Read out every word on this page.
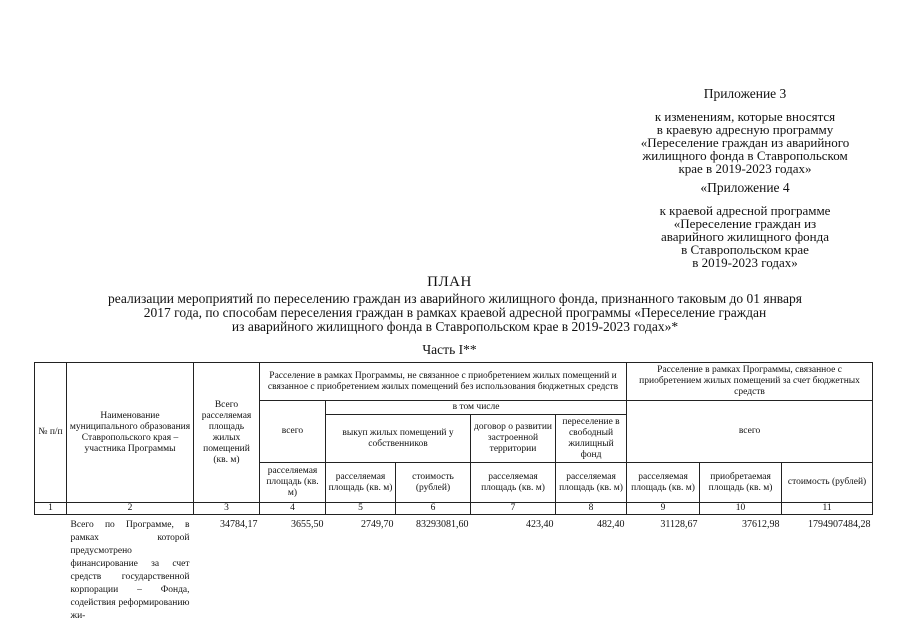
Приложение 3
к изменениям, которые вносятся
в краевую адресную программу
«Переселение граждан из аварийного
жилищного фонда в Ставропольском
крае в 2019-2023 годах»
«Приложение 4
к краевой адресной программе
«Переселение граждан из
аварийного жилищного фонда
в Ставропольском крае
в 2019-2023 годах»
ПЛАН
реализации мероприятий по переселению граждан из аварийного жилищного фонда, признанного таковым до 01 января
2017 года, по способам переселения граждан в рамках краевой адресной программы «Переселение граждан
из аварийного жилищного фонда в Ставропольском крае в 2019-2023 годах»*
Часть I**
№ п/п	Наименование муниципального образования Ставропольского края – участника Программы	Всего расселяемая площадь жилых помещений (кв. м)	Расселение в рамках Программы, не связанное с приобретением жилых помещений и связанное с приобретением жилых помещений без использования бюджетных средств					Расселение в рамках Программы, связанное с приобретением жилых помещений за счет бюджетных средств		
			всего	в том числе				всего		
				выкуп жилых помещений у собственников		договор о развитии застроенной территории	переселение в свободный жилищный фонд			
			расселяемая площадь (кв. м)	расселяемая площадь (кв. м)	стоимость (рублей)	расселяемая площадь (кв. м)	расселяемая площадь (кв. м)	расселяемая площадь (кв. м)	приобретаемая площадь (кв. м)	стоимость (рублей)
1	2	3	4	5	6	7	8	9	10	11
	Всего по Программе, в рамках которой предусмотрено финансирование за счет средств государственной корпорации – Фонда, содействия реформированию жи-	34784,17	3655,50	2749,70	83293081,60	423,40	482,40	31128,67	37612,98	1794907484,28
